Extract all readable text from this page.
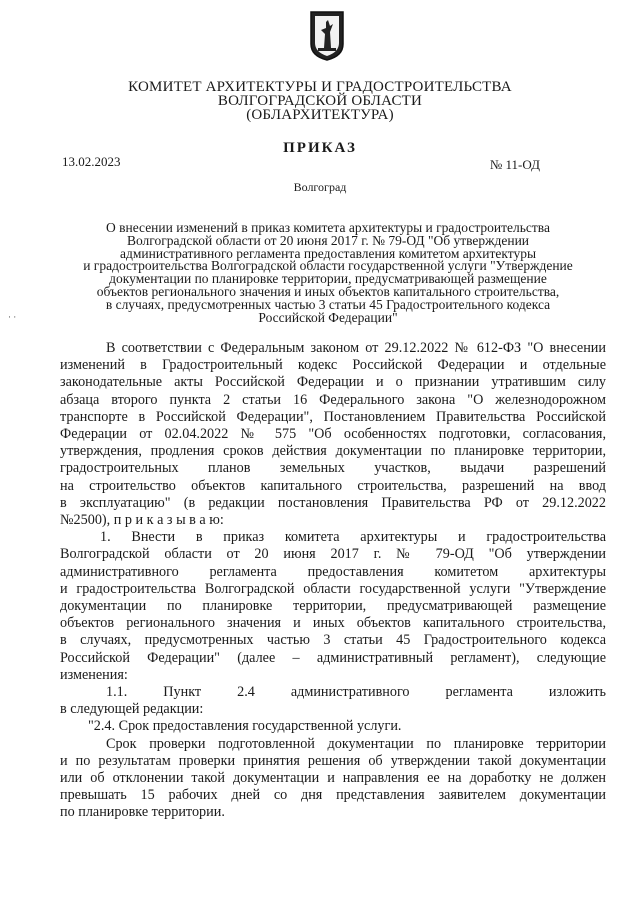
КОМИТЕТ АРХИТЕКТУРЫ И ГРАДОСТРОИТЕЛЬСТВА
ВОЛГОГРАДСКОЙ ОБЛАСТИ
(ОБЛАРХИТЕКТУРА)
ПРИКАЗ
13.02.2023	№ 11-ОД
Волгоград
О внесении изменений в приказ комитета архитектуры и градостроительства
Волгоградской области от 20 июня 2017 г. № 79-ОД "Об утверждении
административного регламента предоставления комитетом архитектуры
и градостроительства Волгоградской области государственной услуги "Утверждение
документации по планировке территории, предусматривающей размещение
объектов регионального значения и иных объектов капитального строительства,
в случаях, предусмотренных частью 3 статьи 45 Градостроительного кодекса
Российской Федерации"
· ·
В соответствии с Федеральным законом от 29.12.2022 № 612-ФЗ "О внесении
изменений в Градостроительный кодекс Российской Федерации и отдельные
законодательные акты Российской Федерации и о признании утратившим силу
абзаца второго пункта 2 статьи 16 Федерального закона "О железнодорожном
транспорте в Российской Федерации", Постановлением Правительства Российской
Федерации от 02.04.2022 № 575 "Об особенностях подготовки, согласования,
утверждения, продления сроков действия документации по планировке территории,
градостроительных планов земельных участков, выдачи разрешений
на строительство объектов капитального строительства, разрешений на ввод
в эксплуатацию" (в редакции постановления Правительства РФ от 29.12.2022
№2500), п р и к а з ы в а ю:
1. Внести в приказ комитета архитектуры и градостроительства
Волгоградской области от 20 июня 2017 г. № 79-ОД "Об утверждении
административного регламента предоставления комитетом архитектуры
и градостроительства Волгоградской области государственной услуги "Утверждение
документации по планировке территории, предусматривающей размещение
объектов регионального значения и иных объектов капитального строительства,
в случаях, предусмотренных частью 3 статьи 45 Градостроительного кодекса
Российской Федерации" (далее – административный регламент), следующие
изменения:
1.1. Пункт 2.4 административного регламента изложить
в следующей редакции:
"2.4. Срок предоставления государственной услуги.
Срок проверки подготовленной документации по планировке территории
и по результатам проверки принятия решения об утверждении такой документации
или об отклонении такой документации и направления ее на доработку не должен
превышать 15 рабочих дней со дня представления заявителем документации
по планировке территории.
